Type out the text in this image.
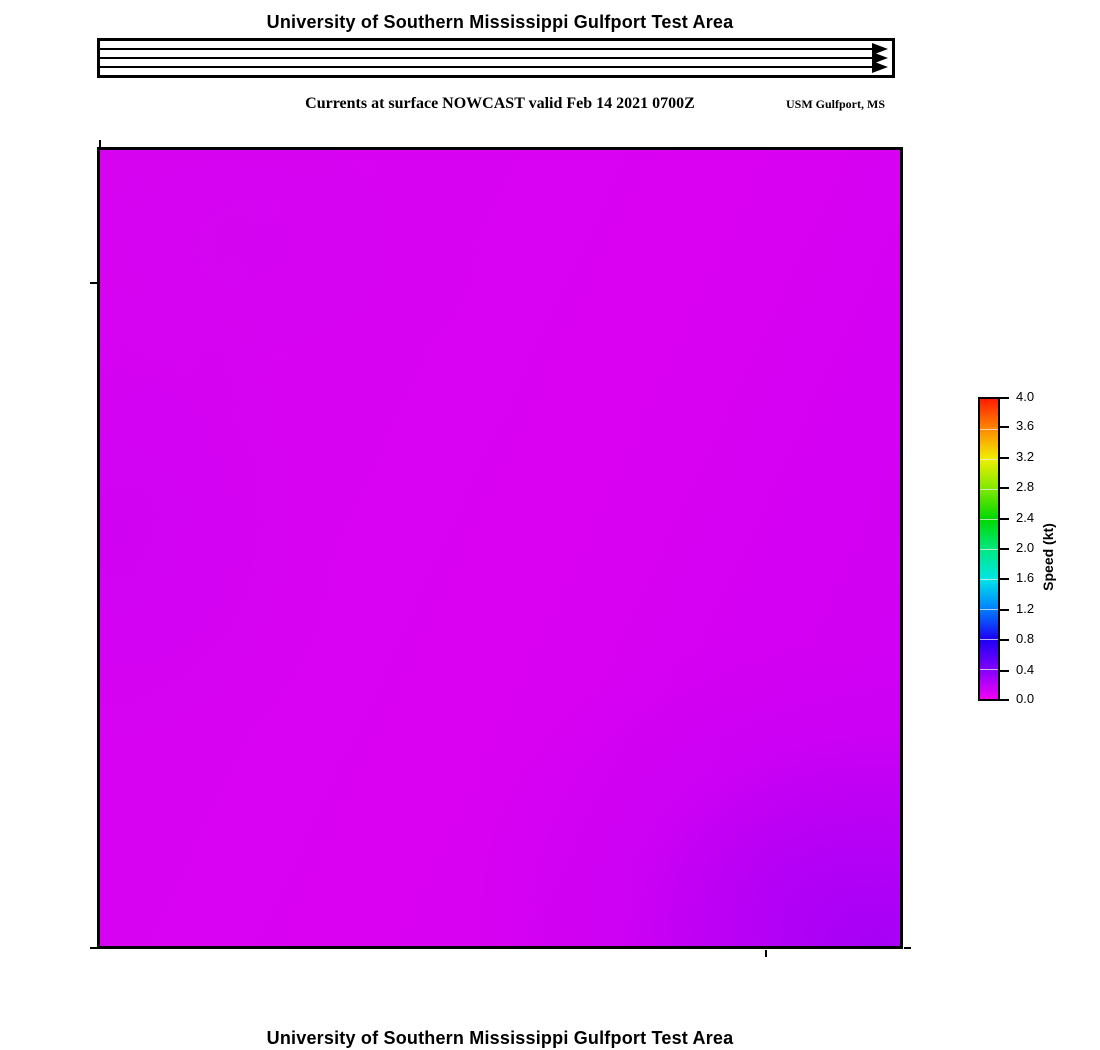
University of Southern Mississippi Gulfport Test Area
Currents at surface NOWCAST valid Feb 14 2021 0700Z	USM Gulfport, MS
4.0
3.6
3.2
2.8
2.4
2.0
1.6
1.2
0.8
0.4
0.0
Speed (kt)
University of Southern Mississippi Gulfport Test Area
